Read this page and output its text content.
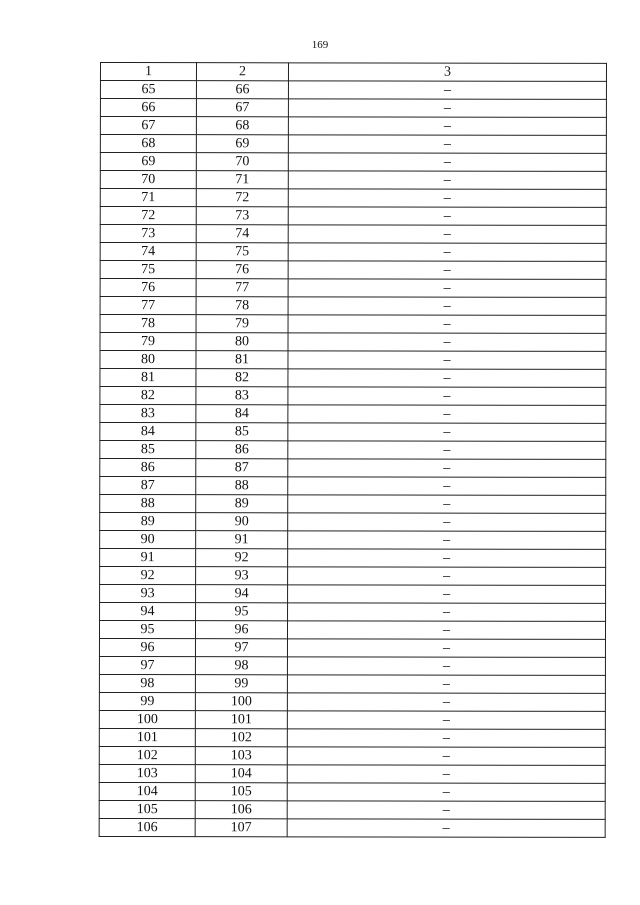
169
1	2	3
65	66	–
66	67	–
67	68	–
68	69	–
69	70	–
70	71	–
71	72	–
72	73	–
73	74	–
74	75	–
75	76	–
76	77	–
77	78	–
78	79	–
79	80	–
80	81	–
81	82	–
82	83	–
83	84	–
84	85	–
85	86	–
86	87	–
87	88	–
88	89	–
89	90	–
90	91	–
91	92	–
92	93	–
93	94	–
94	95	–
95	96	–
96	97	–
97	98	–
98	99	–
99	100	–
100	101	–
101	102	–
102	103	–
103	104	–
104	105	–
105	106	–
106	107	–
